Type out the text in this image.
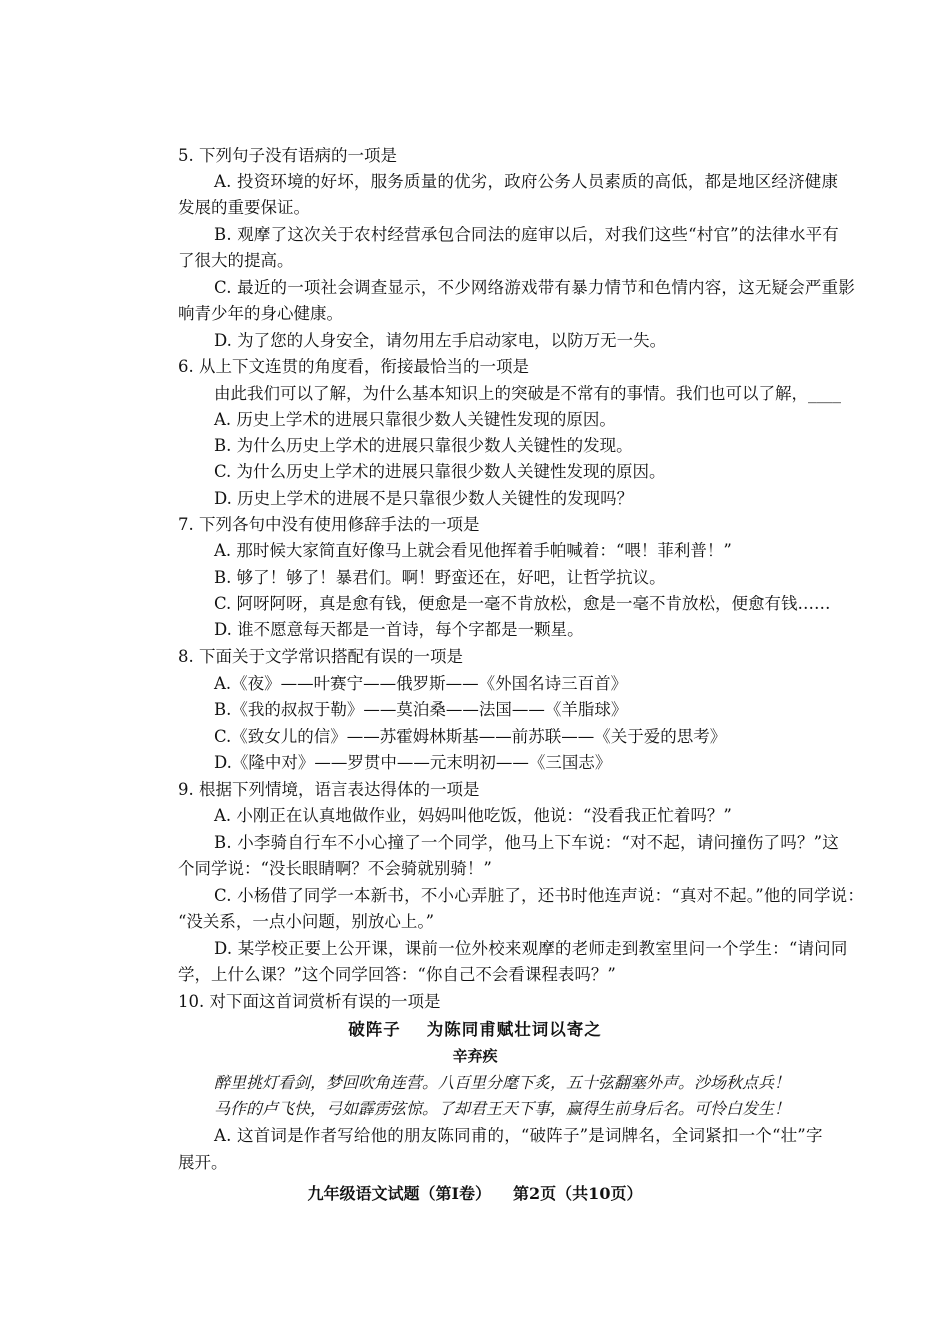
5. 下列句子没有语病的一项是
A. 投资环境的好坏，服务质量的优劣，政府公务人员素质的高低，都是地区经济健康
发展的重要保证。
B. 观摩了这次关于农村经营承包合同法的庭审以后，对我们这些“村官”的法律水平有
了很大的提高。
C. 最近的一项社会调查显示，不少网络游戏带有暴力情节和色情内容，这无疑会严重影
响青少年的身心健康。
D. 为了您的人身安全，请勿用左手启动家电，以防万无一失。
6. 从上下文连贯的角度看，衔接最恰当的一项是
由此我们可以了解，为什么基本知识上的突破是不常有的事情。我们也可以了解，____
A. 历史上学术的进展只靠很少数人关键性发现的原因。
B. 为什么历史上学术的进展只靠很少数人关键性的发现。
C. 为什么历史上学术的进展只靠很少数人关键性发现的原因。
D. 历史上学术的进展不是只靠很少数人关键性的发现吗？
7. 下列各句中没有使用修辞手法的一项是
A. 那时候大家简直好像马上就会看见他挥着手帕喊着：“喂！菲利普！”
B. 够了！够了！暴君们。啊！野蛮还在，好吧，让哲学抗议。
C. 阿呀阿呀，真是愈有钱，便愈是一毫不肯放松，愈是一毫不肯放松，便愈有钱……
D. 谁不愿意每天都是一首诗，每个字都是一颗星。
8. 下面关于文学常识搭配有误的一项是
A.《夜》——叶赛宁——俄罗斯——《外国名诗三百首》
B.《我的叔叔于勒》——莫泊桑——法国——《羊脂球》
C.《致女儿的信》——苏霍姆林斯基——前苏联——《关于爱的思考》
D.《隆中对》——罗贯中——元末明初——《三国志》
9. 根据下列情境，语言表达得体的一项是
A. 小刚正在认真地做作业，妈妈叫他吃饭，他说：“没看我正忙着吗？”
B. 小李骑自行车不小心撞了一个同学，他马上下车说：“对不起，请问撞伤了吗？”这
个同学说：“没长眼睛啊？不会骑就别骑！”
C. 小杨借了同学一本新书，不小心弄脏了，还书时他连声说：“真对不起。”他的同学说：
“没关系，一点小问题，别放心上。”
D. 某学校正要上公开课，课前一位外校来观摩的老师走到教室里问一个学生：“请问同
学，上什么课？”这个同学回答：“你自己不会看课程表吗？”
10. 对下面这首词赏析有误的一项是
破阵子 为陈同甫赋壮词以寄之
辛弃疾
醉里挑灯看剑，梦回吹角连营。八百里分麾下炙，五十弦翻塞外声。沙场秋点兵！
马作的卢飞快，弓如霹雳弦惊。了却君王天下事，赢得生前身后名。可怜白发生！
A. 这首词是作者写给他的朋友陈同甫的，“破阵子”是词牌名，全词紧扣一个“壮”字
展开。
九年级语文试题（第Ⅰ卷） 第2页（共10页）
